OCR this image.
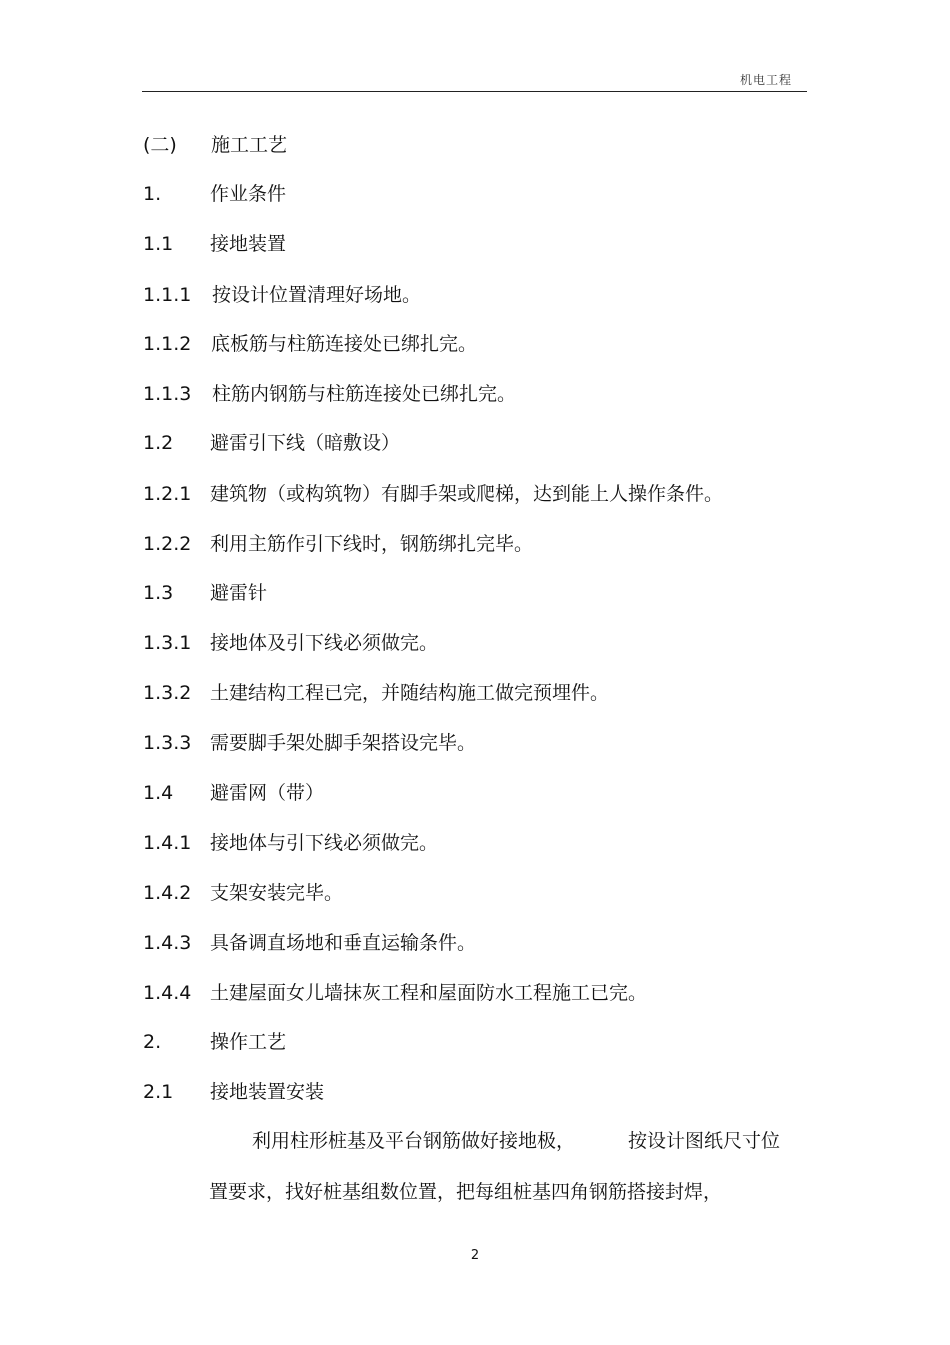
机电工程
(二) 施工工艺
1.	作业条件
1.1 接地装置
1.1.1 按设计位置清理好场地。
1.1.2 底板筋与柱筋连接处已绑扎完。
1.1.3 柱筋内钢筋与柱筋连接处已绑扎完。
1.2 避雷引下线（暗敷设）
1.2.1 建筑物（或构筑物）有脚手架或爬梯，达到能上人操作条件。
1.2.2 利用主筋作引下线时，钢筋绑扎完毕。
1.3 避雷针
1.3.1 接地体及引下线必须做完。
1.3.2 土建结构工程已完，并随结构施工做完预埋件。
1.3.3 需要脚手架处脚手架搭设完毕。
1.4 避雷网（带）
1.4.1 接地体与引下线必须做完。
1.4.2 支架安装完毕。
1.4.3 具备调直场地和垂直运输条件。
1.4.4 土建屋面女儿墙抹灰工程和屋面防水工程施工已完。
2.	操作工艺
2.1 接地装置安装
利用柱形桩基及平台钢筋做好接地极，	按设计图纸尺寸位
置要求，找好桩基组数位置，把每组桩基四角钢筋搭接封焊，
2
